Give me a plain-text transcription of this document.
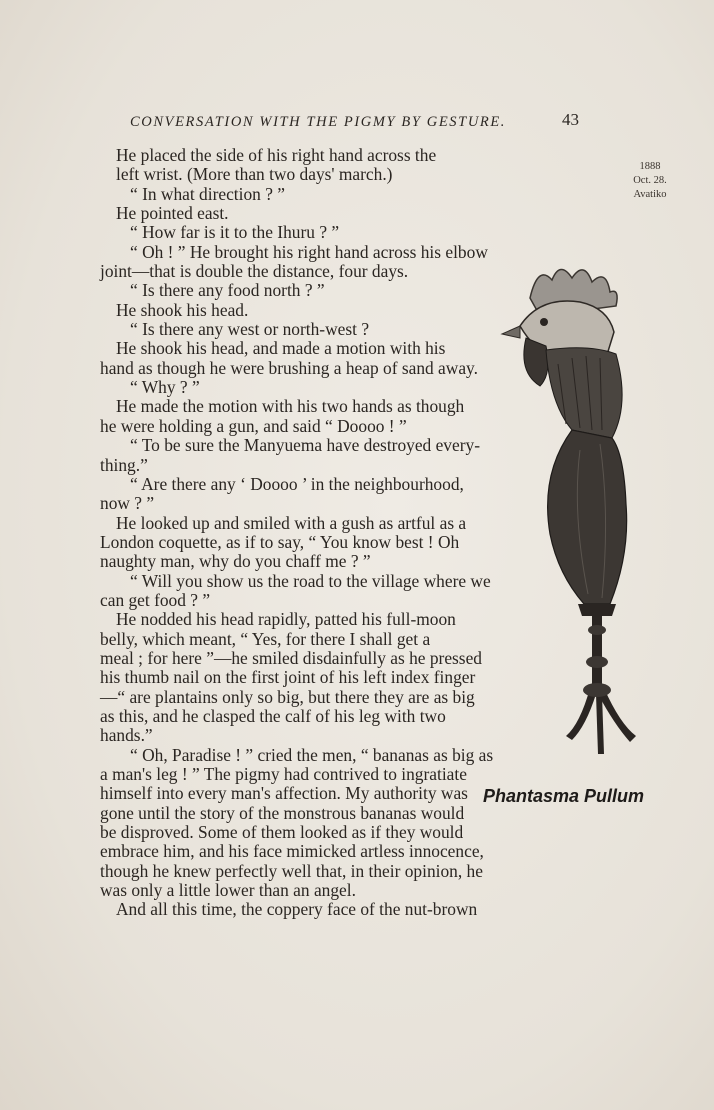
CONVERSATION WITH THE PIGMY BY GESTURE.	43
1888
Oct. 28.
Avatiko
He placed the side of his right hand across the
left wrist. (More than two days' march.)
“ In what direction ? ”
He pointed east.
“ How far is it to the Ihuru ? ”
“ Oh ! ” He brought his right hand across his elbow
joint—that is double the distance, four days.
“ Is there any food north ? ”
He shook his head.
“ Is there any west or north-west ?
He shook his head, and made a motion with his
hand as though he were brushing a heap of sand away.
“ Why ? ”
He made the motion with his two hands as though
he were holding a gun, and said “ Doooo ! ”
“ To be sure the Manyuema have destroyed every-
thing.”
“ Are there any ‘ Doooo ’ in the neighbourhood,
now ? ”
He looked up and smiled with a gush as artful as a
London coquette, as if to say, “ You know best ! Oh
naughty man, why do you chaff me ? ”
“ Will you show us the road to the village where we
can get food ? ”
He nodded his head rapidly, patted his full-moon
belly, which meant, “ Yes, for there I shall get a
meal ; for here ”—he smiled disdainfully as he pressed
his thumb nail on the first joint of his left index finger
—“ are plantains only so big, but there they are as big
as this, and he clasped the calf of his leg with two
hands.”
“ Oh, Paradise ! ” cried the men, “ bananas as big as
a man's leg ! ” The pigmy had contrived to ingratiate
himself into every man's affection. My authority was
gone until the story of the monstrous bananas would
be disproved. Some of them looked as if they would
embrace him, and his face mimicked artless innocence,
though he knew perfectly well that, in their opinion, he
was only a little lower than an angel.
And all this time, the coppery face of the nut-brown
Phantasma Pullum
